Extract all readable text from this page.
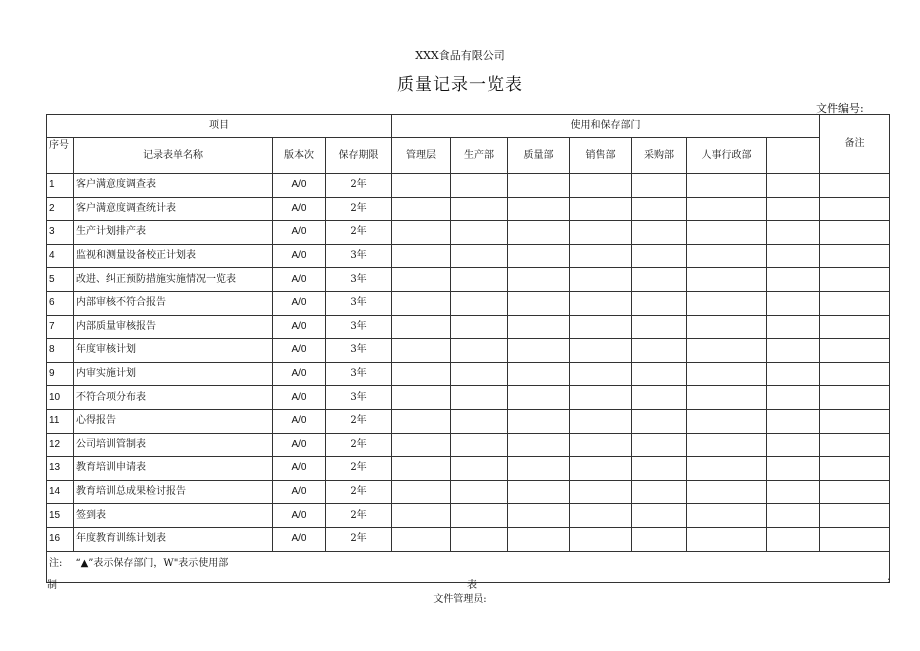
XXX食品有限公司
质量记录一览表
文件编号:
项目				使用和保存部门							备注
序号	记录表单名称	版本次	保存期限	管理层	生产部	质量部	销售部	采购部	人事行政部		
1	客户满意度调查表	A/0	2年								
2	客户满意度调查统计表	A/0	2年								
3	生产计划排产表	A/0	2年								
4	监视和测量设备校正计划表	A/0	3年								
5	改进、纠正预防措施实施情况一览表	A/0	3年								
6	内部审核不符合报告	A/0	3年								
7	内部质量审核报告	A/0	3年								
8	年度审核计划	A/0	3年								
9	内审实施计划	A/0	3年								
10	不符合项分布表	A/0	3年								
11	心得报告	A/0	2年								
12	公司培训管制表	A/0	2年								
13	教育培训申请表	A/0	2年								
14	教育培训总成果检讨报告	A/0	2年								
15	签到表	A/0	2年								
16	年度教育训练计划表	A/0	2年								
注:	“▲”表示保存部门，W"表示使用部										
制	表	:
文件管理员:
